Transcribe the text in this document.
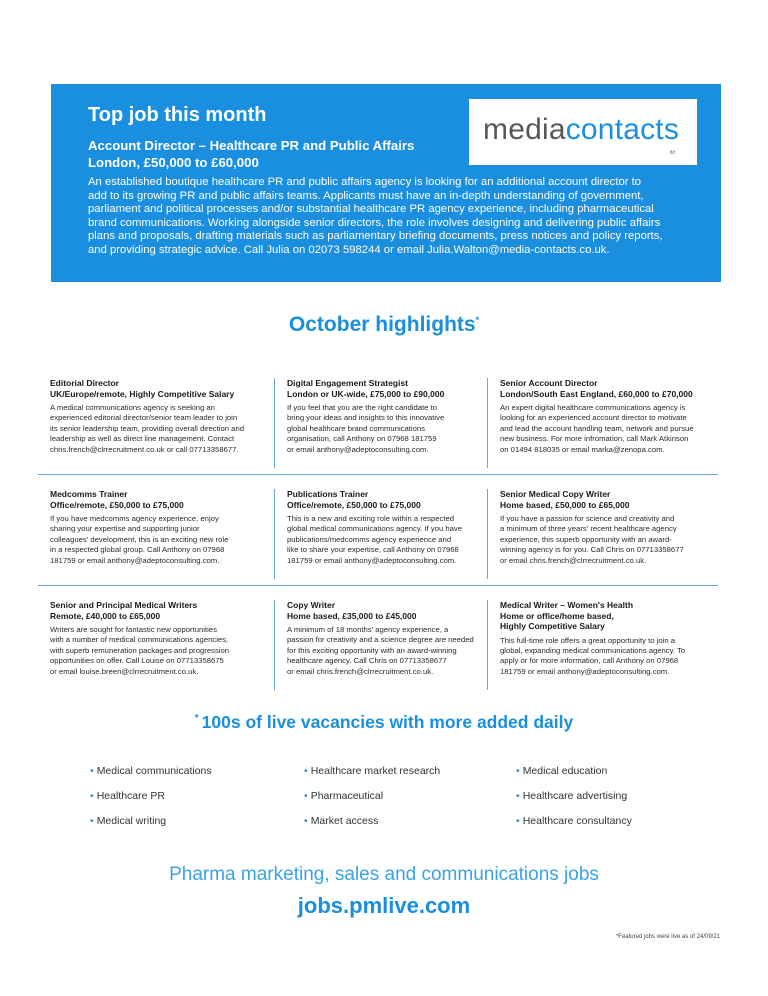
Top job this month	mediacontacts
ltd
Account Director – Healthcare PR and Public Affairs
London, £50,000 to £60,000
An established boutique healthcare PR and public affairs agency is looking for an additional account director to
add to its growing PR and public affairs teams. Applicants must have an in-depth understanding of government,
parliament and political processes and/or substantial healthcare PR agency experience, including pharmaceutical
brand communications. Working alongside senior directors, the role involves designing and delivering public affairs
plans and proposals, drafting materials such as parliamentary briefing documents, press notices and policy reports,
and providing strategic advice. Call Julia on 02073 598244 or email Julia.Walton@media-contacts.co.uk.
October highlights*
Editorial Director
UK/Europe/remote, Highly Competitive Salary
A medical communications agency is seeking an
experienced editorial director/senior team leader to join
its senior leadership team, providing overall direction and
leadership as well as direct line management. Contact
chris.french@clrrecruitment.co.uk or call 07713358677.
Digital Engagement Strategist
London or UK-wide, £75,000 to £90,000
If you feel that you are the right candidate to
bring your ideas and insights to this innovative
global healthcare brand communications
organisation, call Anthony on 07968 181759
or email anthony@adeptoconsulting.com.
Senior Account Director
London/South East England, £60,000 to £70,000
An expert digital healthcare communications agency is
looking for an experienced account director to motivate
and lead the account handling team, network and pursue
new business. For more infromation, call Mark Atkinson
on 01494 818035 or email marka@zenopa.com.
Medcomms Trainer
Office/remote, £50,000 to £75,000
If you have medcomms agency experience, enjoy
sharing your expertise and supporting junior
colleagues' development, this is an exciting new role
in a respected global group. Call Anthony on 07968
181759 or email anthony@adeptoconsulting.com.
Publications Trainer
Office/remote, £50,000 to £75,000
This is a new and exciting role within a respected
global medical communications agency. If you have
publications/medcomms agency experience and
like to share your expertise, call Anthony on 07968
181759 or email anthony@adeptoconsulting.com.
Senior Medical Copy Writer
Home based, £50,000 to £65,000
If you have a passion for science and creativity and
a minimum of three years' recent healthcare agency
experience, this superb opportunity with an award-
winning agency is for you. Call Chris on 07713358677
or email chris.french@clrrecruitment.co.uk.
Senior and Principal Medical Writers
Remote, £40,000 to £65,000
Writers are sought for fantastic new opportunities
with a number of medical communications agencies,
with superb remuneration packages and progression
opportunities on offer. Call Louise on 07713358675
or email louise.breen@clrrecruitment.co.uk.
Copy Writer
Home based, £35,000 to £45,000
A minimum of 18 months' agency experience, a
passion for creativity and a science degree are needed
for this exciting opportunity with an award-winning
healthcare agency. Call Chris on 07713358677
or email chris.french@clrrecruitment.co.uk.
Medical Writer – Women's Health
Home or office/home based,
Highly Competitive Salary
This full-time role offers a great opportunity to join a
global, expanding medical communications agency. To
apply or for more information, call Anthony on 07968
181759 or email anthony@adeptoconsulting.com.
* 100s of live vacancies with more added daily
• Medical communications
• Healthcare PR
• Medical writing
• Healthcare market research
• Pharmaceutical
• Market access
• Medical education
• Healthcare advertising
• Healthcare consultancy
Pharma marketing, sales and communications jobs
jobs.pmlive.com
*Featured jobs were live as of 24/09/21
